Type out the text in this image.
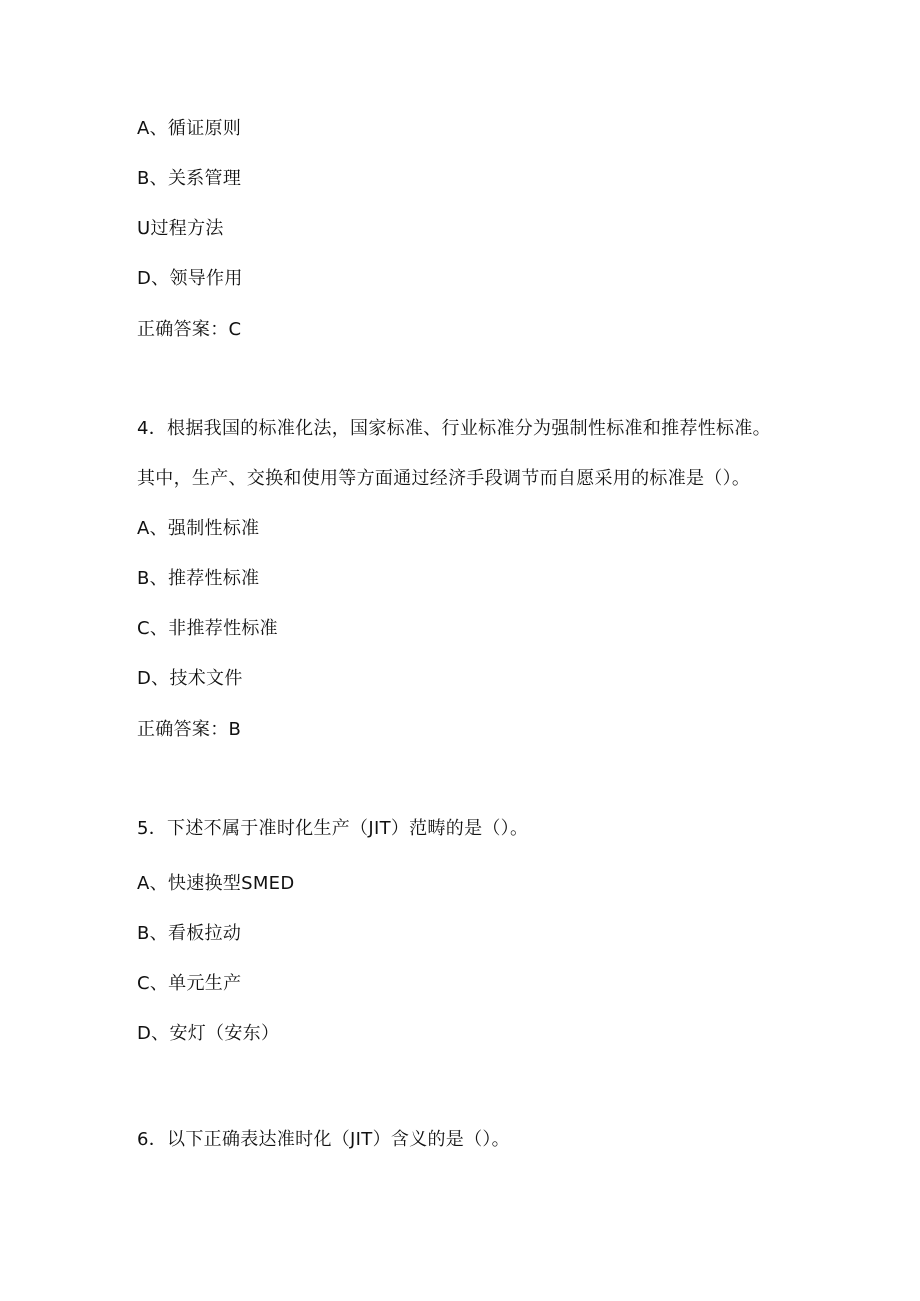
A、循证原则
B、关系管理
U过程方法
D、领导作用
正确答案：C
4．根据我国的标准化法，国家标准、行业标准分为强制性标准和推荐性标准。
其中，生产、交换和使用等方面通过经济手段调节而自愿采用的标准是（）。
A、强制性标准
B、推荐性标准
C、非推荐性标准
D、技术文件
正确答案：B
5．下述不属于准时化生产（JIT）范畴的是（）。
A、快速换型SMED
B、看板拉动
C、单元生产
D、安灯（安东）
6．以下正确表达准时化（JIT）含义的是（）。
